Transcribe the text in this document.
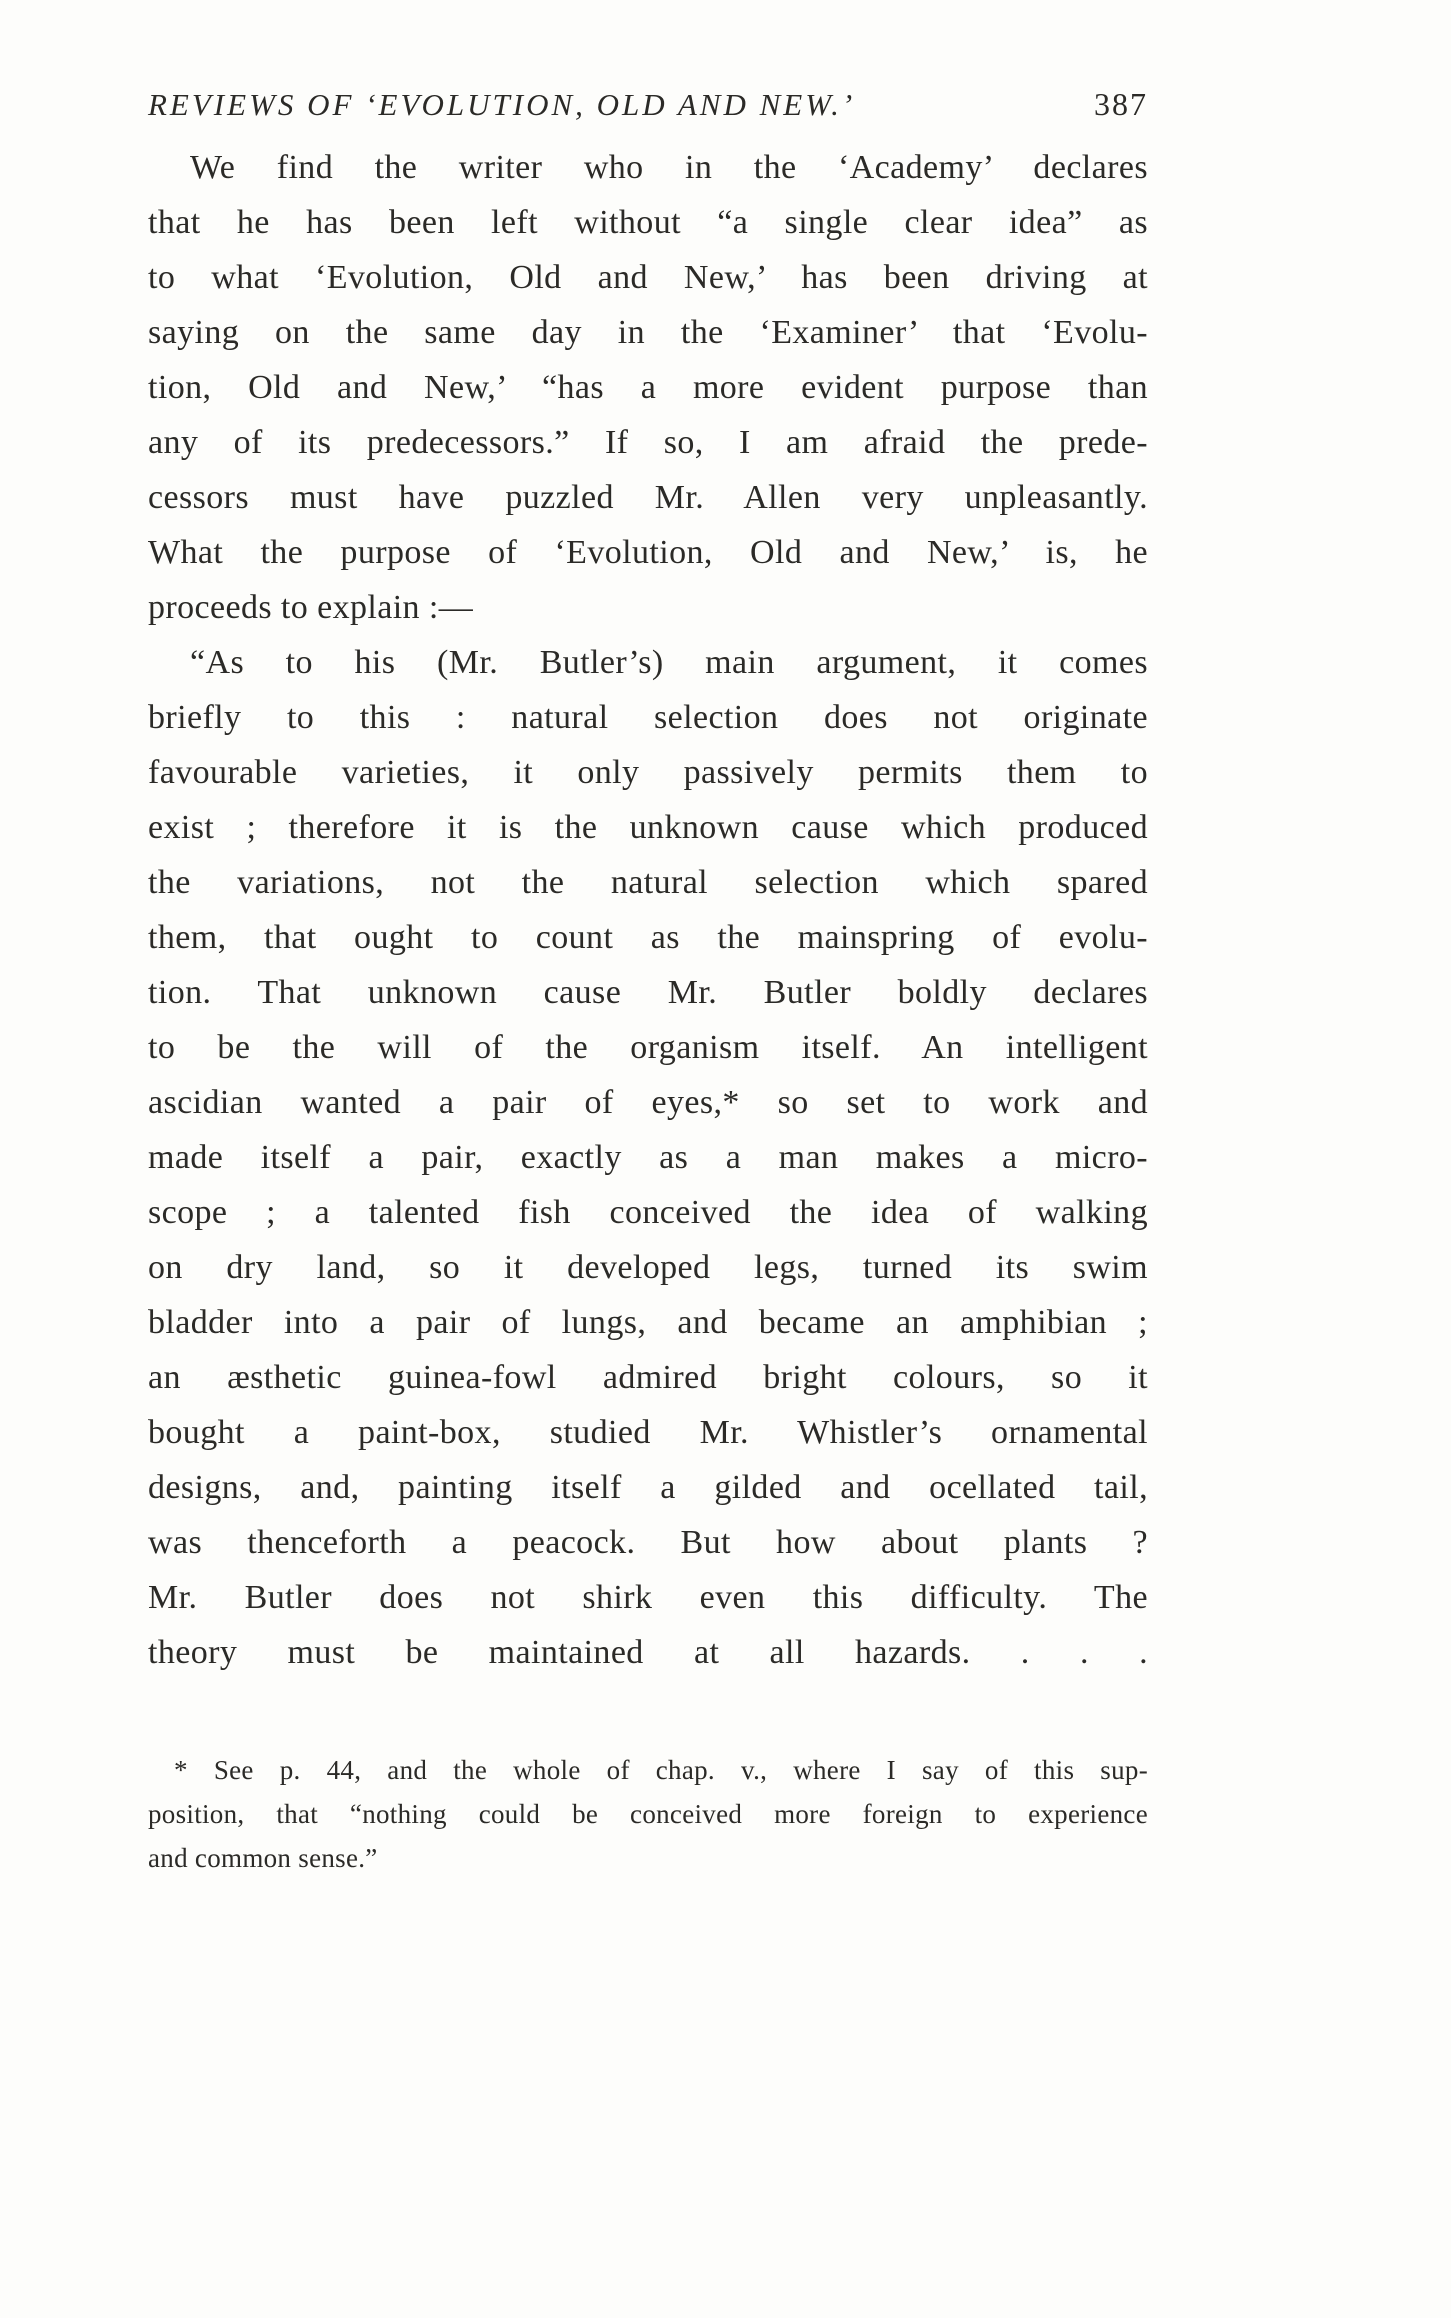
REVIEWS OF ‘EVOLUTION, OLD AND NEW.’	387
We find the writer who in the ‘Academy’ declares
that he has been left without “a single clear idea” as
to what ‘Evolution, Old and New,’ has been driving at
saying on the same day in the ‘Examiner’ that ‘Evolu-
tion, Old and New,’ “has a more evident purpose than
any of its predecessors.” If so, I am afraid the prede-
cessors must have puzzled Mr. Allen very unpleasantly.
What the purpose of ‘Evolution, Old and New,’ is, he
proceeds to explain :—
“As to his (Mr. Butler’s) main argument, it comes
briefly to this : natural selection does not originate
favourable varieties, it only passively permits them to
exist ; therefore it is the unknown cause which produced
the variations, not the natural selection which spared
them, that ought to count as the mainspring of evolu-
tion. That unknown cause Mr. Butler boldly declares
to be the will of the organism itself. An intelligent
ascidian wanted a pair of eyes,* so set to work and
made itself a pair, exactly as a man makes a micro-
scope ; a talented fish conceived the idea of walking
on dry land, so it developed legs, turned its swim
bladder into a pair of lungs, and became an amphibian ;
an æsthetic guinea-fowl admired bright colours, so it
bought a paint-box, studied Mr. Whistler’s ornamental
designs, and, painting itself a gilded and ocellated tail,
was thenceforth a peacock. But how about plants ?
Mr. Butler does not shirk even this difficulty. The
theory must be maintained at all hazards. . . .
* See p. 44, and the whole of chap. v., where I say of this sup-
position, that “nothing could be conceived more foreign to experience
and common sense.”
